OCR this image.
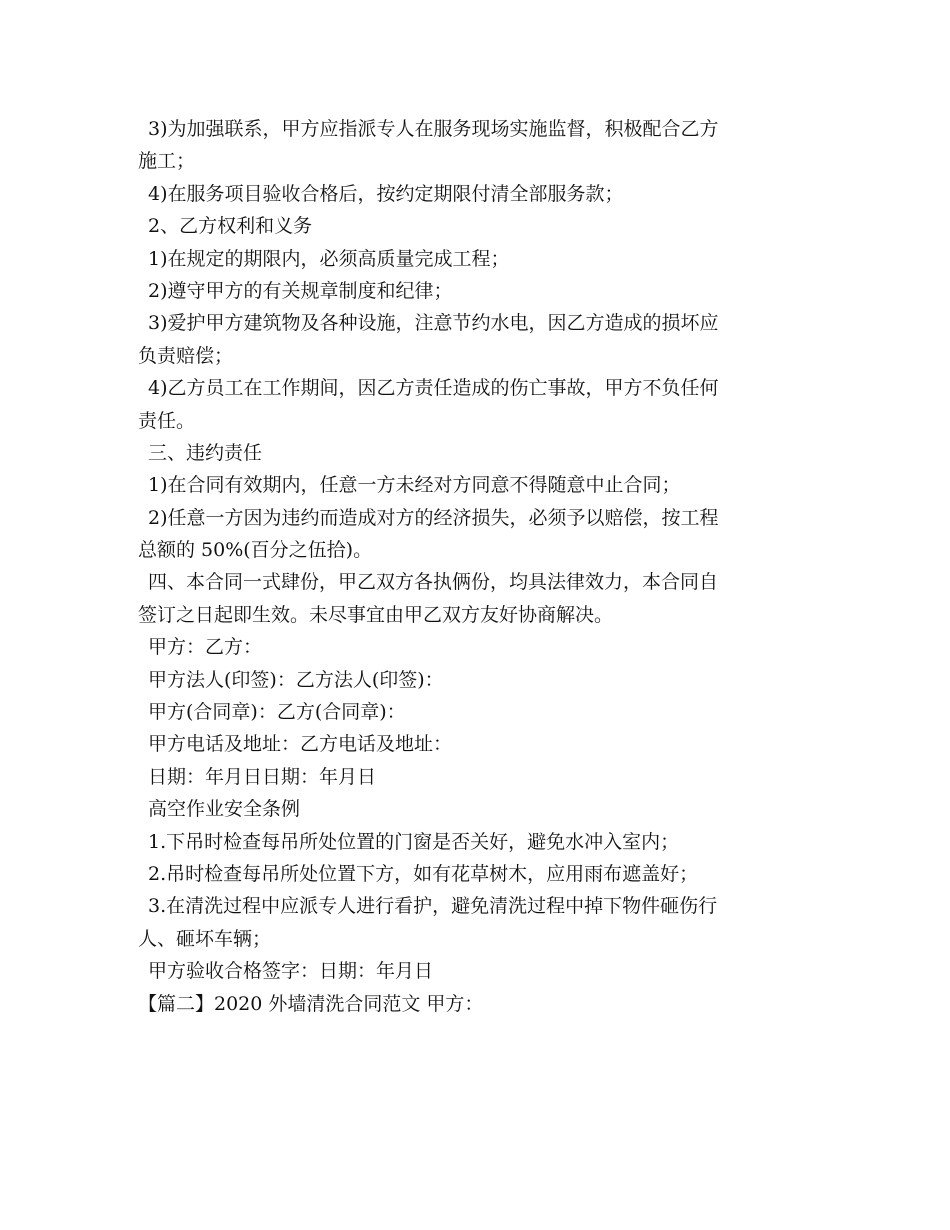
3)为加强联系，甲方应指派专人在服务现场实施监督，积极配合乙方

施工；

4)在服务项目验收合格后，按约定期限付清全部服务款；

2、乙方权利和义务

1)在规定的期限内，必须高质量完成工程；

2)遵守甲方的有关规章制度和纪律；

3)爱护甲方建筑物及各种设施，注意节约水电，因乙方造成的损坏应

负责赔偿；

4)乙方员工在工作期间，因乙方责任造成的伤亡事故，甲方不负任何

责任。

三、违约责任

1)在合同有效期内，任意一方未经对方同意不得随意中止合同；

2)任意一方因为违约而造成对方的经济损失，必须予以赔偿，按工程

总额的 50%(百分之伍拾)。

四、本合同一式肆份，甲乙双方各执俩份，均具法律效力，本合同自

签订之日起即生效。未尽事宜由甲乙双方友好协商解决。

甲方：乙方：

甲方法人(印签)：乙方法人(印签)：

甲方(合同章)：乙方(合同章)：

甲方电话及地址：乙方电话及地址：

日期：年月日日期：年月日

高空作业安全条例

1.下吊时检查每吊所处位置的门窗是否关好，避免水冲入室内；

2.吊时检查每吊所处位置下方，如有花草树木，应用雨布遮盖好；

3.在清洗过程中应派专人进行看护，避免清洗过程中掉下物件砸伤行

人、砸坏车辆；

甲方验收合格签字：日期：年月日

【篇二】2020 外墙清洗合同范文 甲方：
